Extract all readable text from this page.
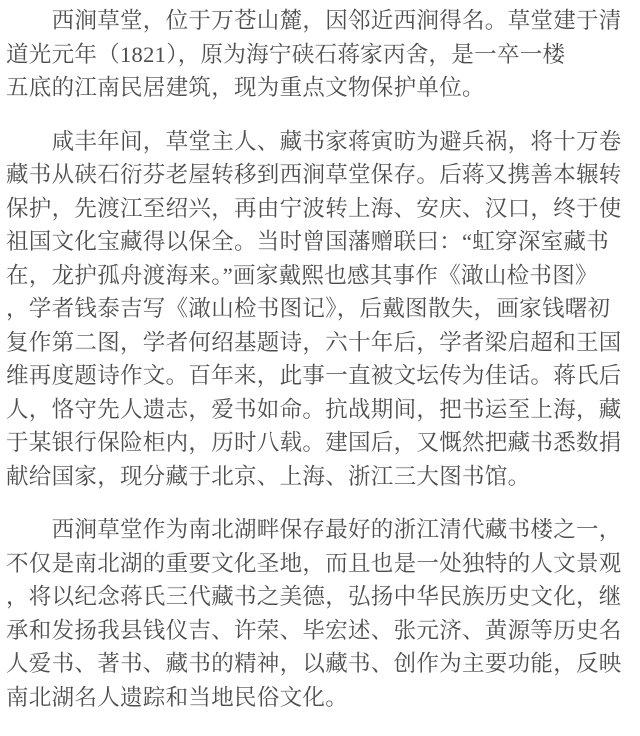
　　西涧草堂，位于万苍山麓，因邻近西涧得名。草堂建于清
道光元年（1821），原为海宁硖石蒋家丙舍，是一卒一楼
五底的江南民居建筑，现为重点文物保护单位。

　　咸丰年间，草堂主人、藏书家蒋寅昉为避兵祸，将十万卷
藏书从硖石衍芬老屋转移到西涧草堂保存。后蒋又携善本辗转
保护，先渡江至绍兴，再由宁波转上海、安庆、汉口，终于使
祖国文化宝藏得以保全。当时曾国藩赠联曰：“虹穿深室藏书
在，龙护孤舟渡海来。”画家戴熙也感其事作《澉山检书图》
，学者钱泰吉写《澉山检书图记》，后戴图散失，画家钱曙初
复作第二图，学者何绍基题诗，六十年后，学者梁启超和王国
维再度题诗作文。百年来，此事一直被文坛传为佳话。蒋氏后
人，恪守先人遗志，爱书如命。抗战期间，把书运至上海，藏
于某银行保险柜内，历时八载。建国后，又慨然把藏书悉数捐
献给国家，现分藏于北京、上海、浙江三大图书馆。

　　西涧草堂作为南北湖畔保存最好的浙江清代藏书楼之一，
不仅是南北湖的重要文化圣地，而且也是一处独特的人文景观
，将以纪念蒋氏三代藏书之美德，弘扬中华民族历史文化，继
承和发扬我县钱仪吉、许荣、毕宏述、张元济、黄源等历史名
人爱书、著书、藏书的精神，以藏书、创作为主要功能，反映
南北湖名人遗踪和当地民俗文化。
